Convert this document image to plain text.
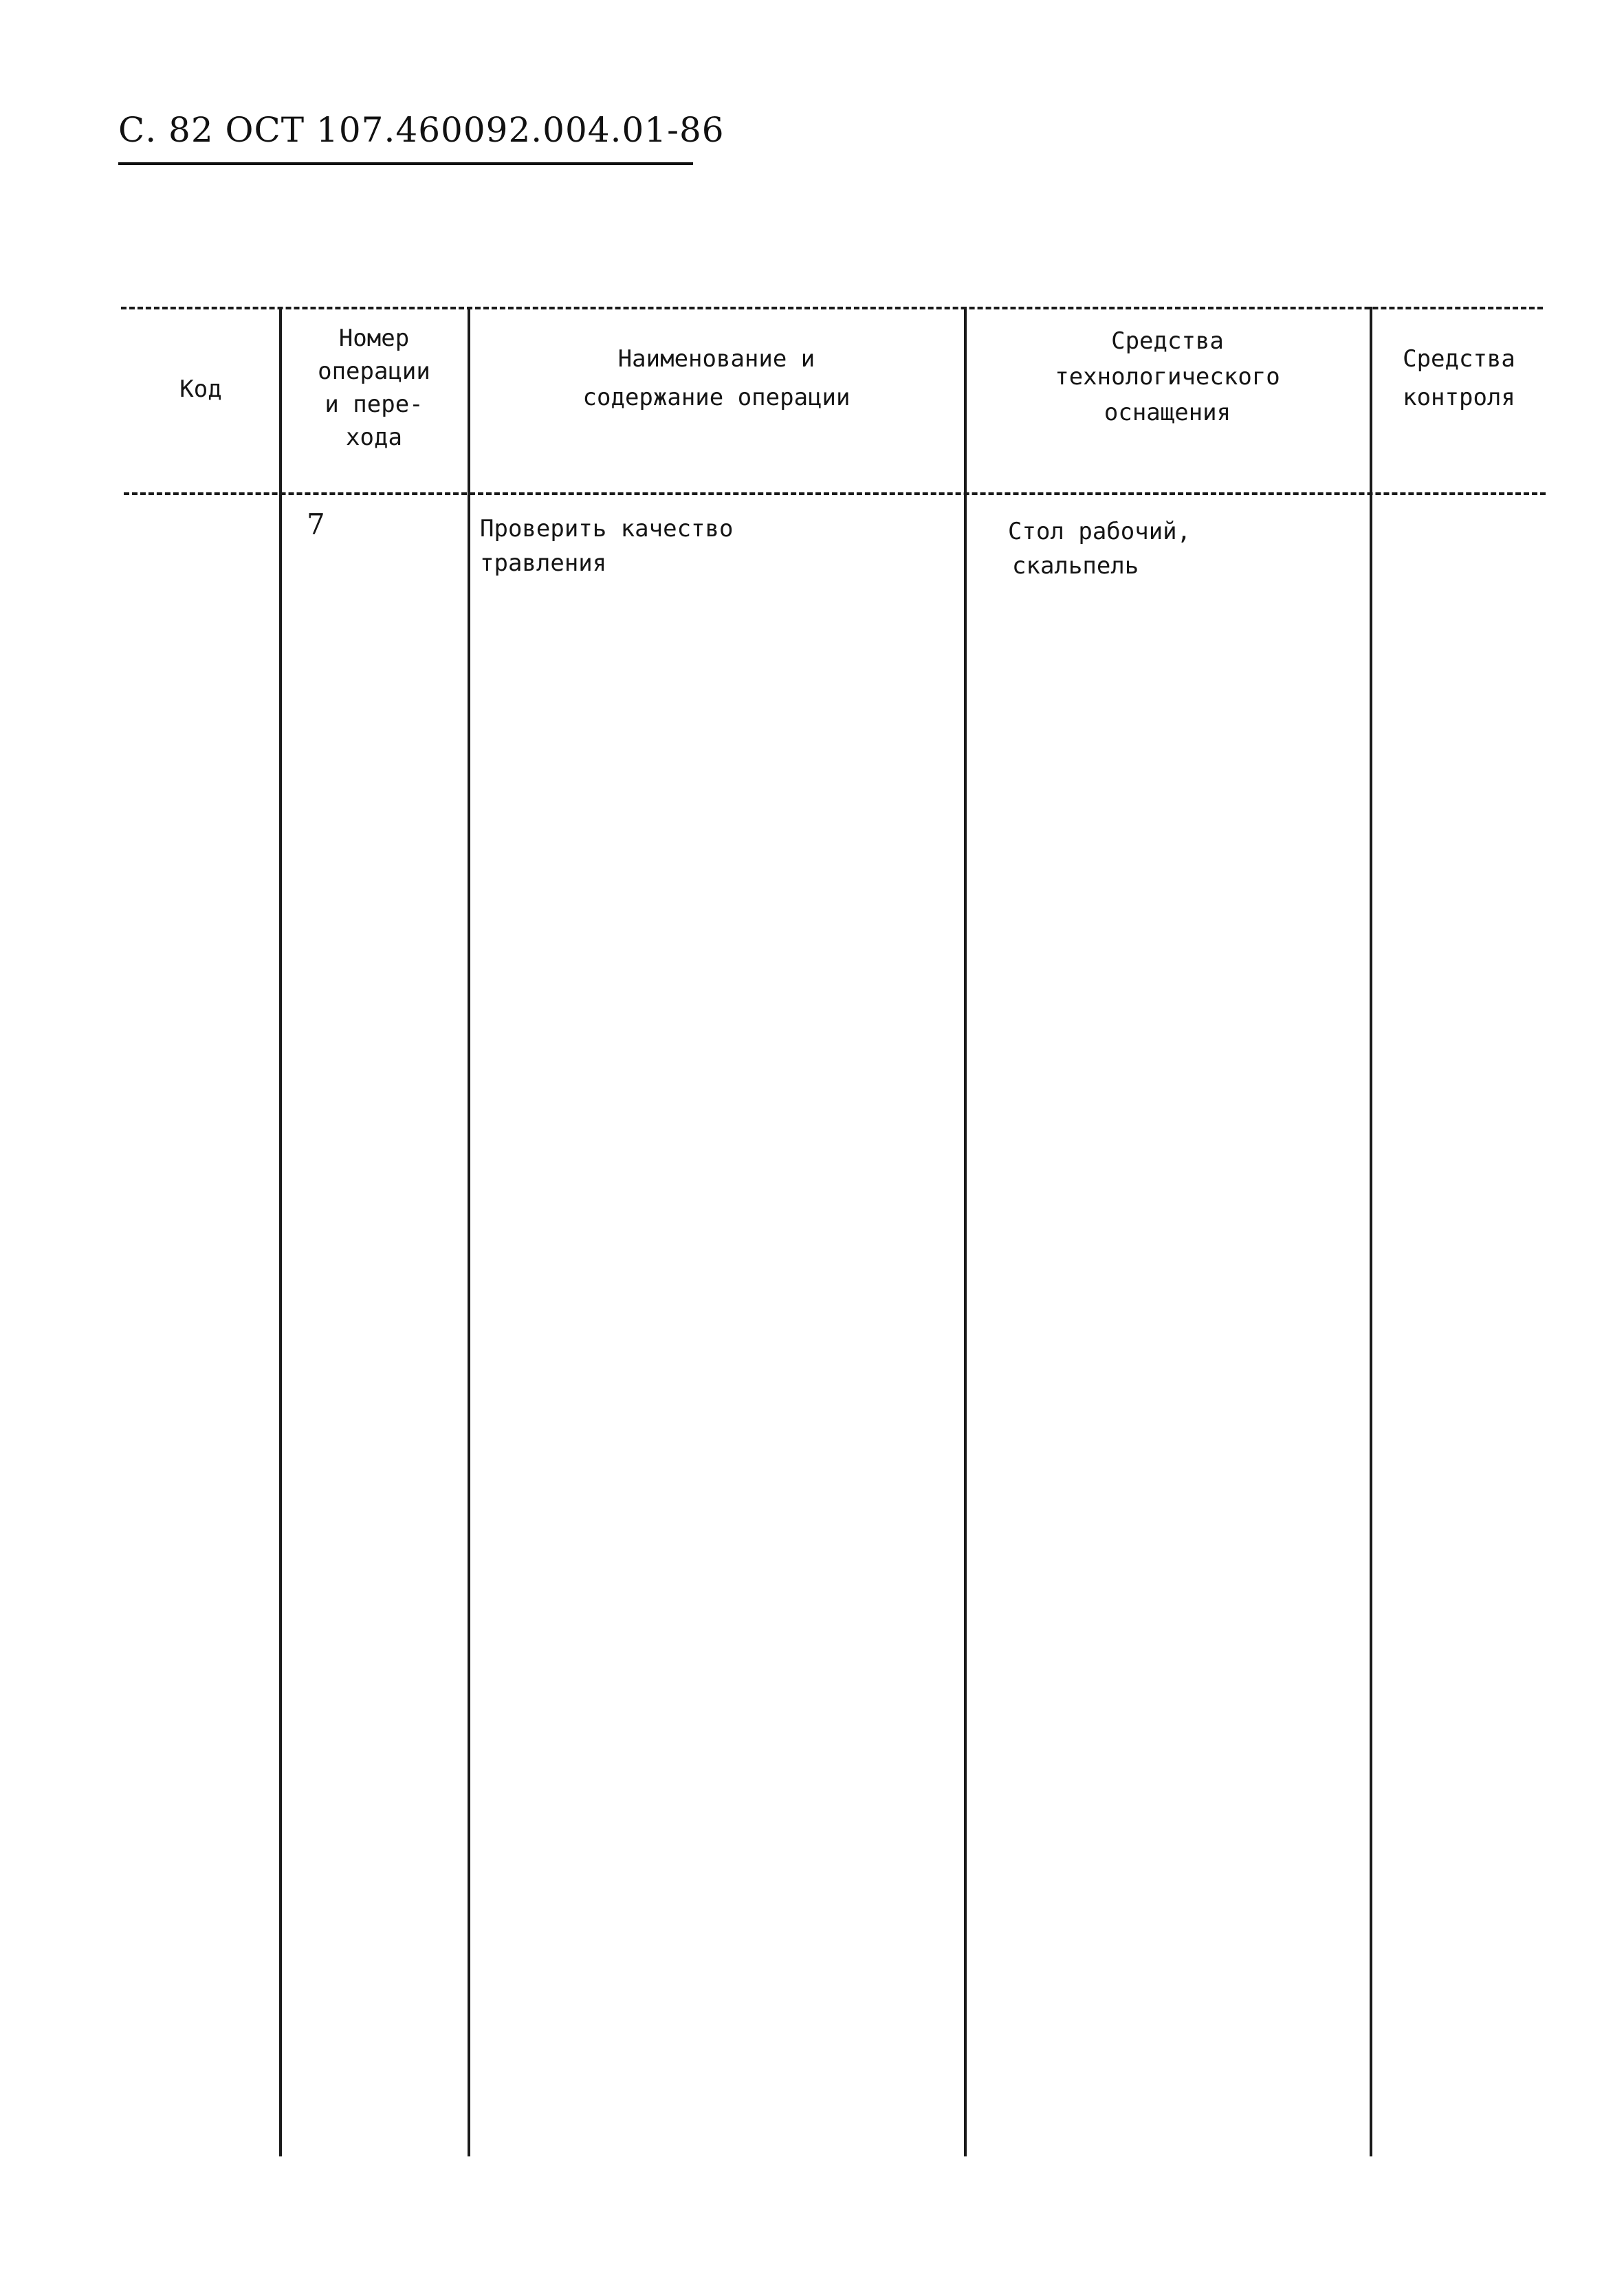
С. 82 ОСТ 107.460092.004.01-86
Код
Номер
операции
и пере-
хода
Наименование и
содержание операции
Средства
технологического
оснащения
Средства
контроля
7	Проверить качество
травления
Стол рабочий,
скальпель
